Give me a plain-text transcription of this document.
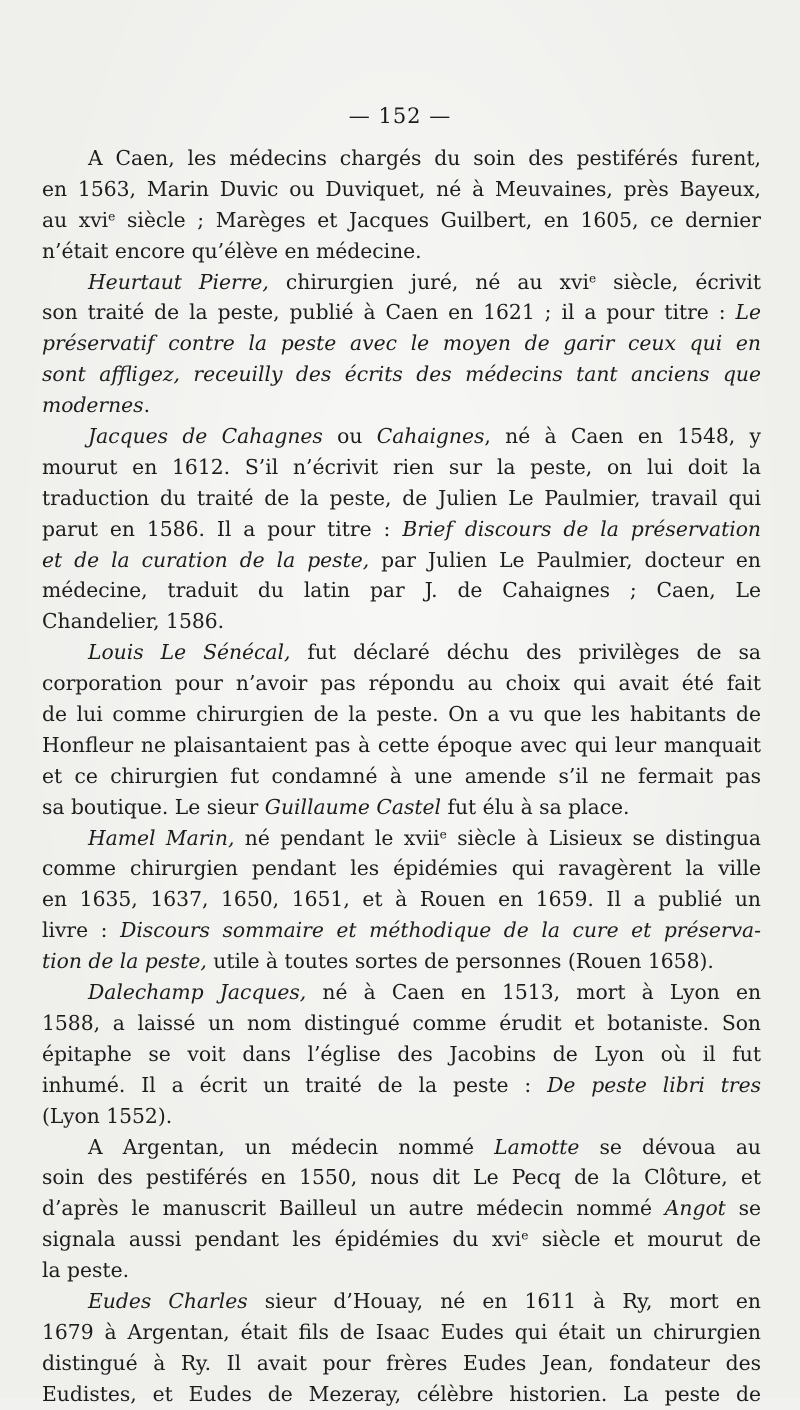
— 152 —
A Caen, les médecins chargés du soin des pestiférés furent,
en 1563, Marin Duvic ou Duviquet, né à Meuvaines, près Bayeux,
au xvi$^e$ siècle ; Marèges et Jacques Guilbert, en 1605, ce dernier
n’était encore qu’élève en médecine.
Heurtaut Pierre, chirurgien juré, né au xvi$^e$ siècle, écrivit
son traité de la peste, publié à Caen en 1621 ; il a pour titre : Le
préservatif contre la peste avec le moyen de garir ceux qui en
sont affligez, receuilly des écrits des médecins tant anciens que
modernes.
Jacques de Cahagnes ou Cahaignes, né à Caen en 1548, y
mourut en 1612. S’il n’écrivit rien sur la peste, on lui doit la
traduction du traité de la peste, de Julien Le Paulmier, travail qui
parut en 1586. Il a pour titre : Brief discours de la préservation
et de la curation de la peste, par Julien Le Paulmier, docteur en
médecine, traduit du latin par J. de Cahaignes ; Caen, Le
Chandelier, 1586.
Louis Le Sénécal, fut déclaré déchu des privilèges de sa
corporation pour n’avoir pas répondu au choix qui avait été fait
de lui comme chirurgien de la peste. On a vu que les habitants de
Honfleur ne plaisantaient pas à cette époque avec qui leur manquait
et ce chirurgien fut condamné à une amende s’il ne fermait pas
sa boutique. Le sieur Guillaume Castel fut élu à sa place.
Hamel Marin, né pendant le xvii$^e$ siècle à Lisieux se distingua
comme chirurgien pendant les épidémies qui ravagèrent la ville
en 1635, 1637, 1650, 1651, et à Rouen en 1659. Il a publié un
livre : Discours sommaire et méthodique de la cure et préserva-
tion de la peste, utile à toutes sortes de personnes (Rouen 1658).
Dalechamp Jacques, né à Caen en 1513, mort à Lyon en
1588, a laissé un nom distingué comme érudit et botaniste. Son
épitaphe se voit dans l’église des Jacobins de Lyon où il fut
inhumé. Il a écrit un traité de la peste : De peste libri tres
(Lyon 1552).
A Argentan, un médecin nommé Lamotte se dévoua au
soin des pestiférés en 1550, nous dit Le Pecq de la Clôture, et
d’après le manuscrit Bailleul un autre médecin nommé Angot se
signala aussi pendant les épidémies du xvi$^e$ siècle et mourut de
la peste.
Eudes Charles sieur d’Houay, né en 1611 à Ry, mort en
1679 à Argentan, était fils de Isaac Eudes qui était un chirurgien
distingué à Ry. Il avait pour frères Eudes Jean, fondateur des
Eudistes, et Eudes de Mezeray, célèbre historien. La peste de
